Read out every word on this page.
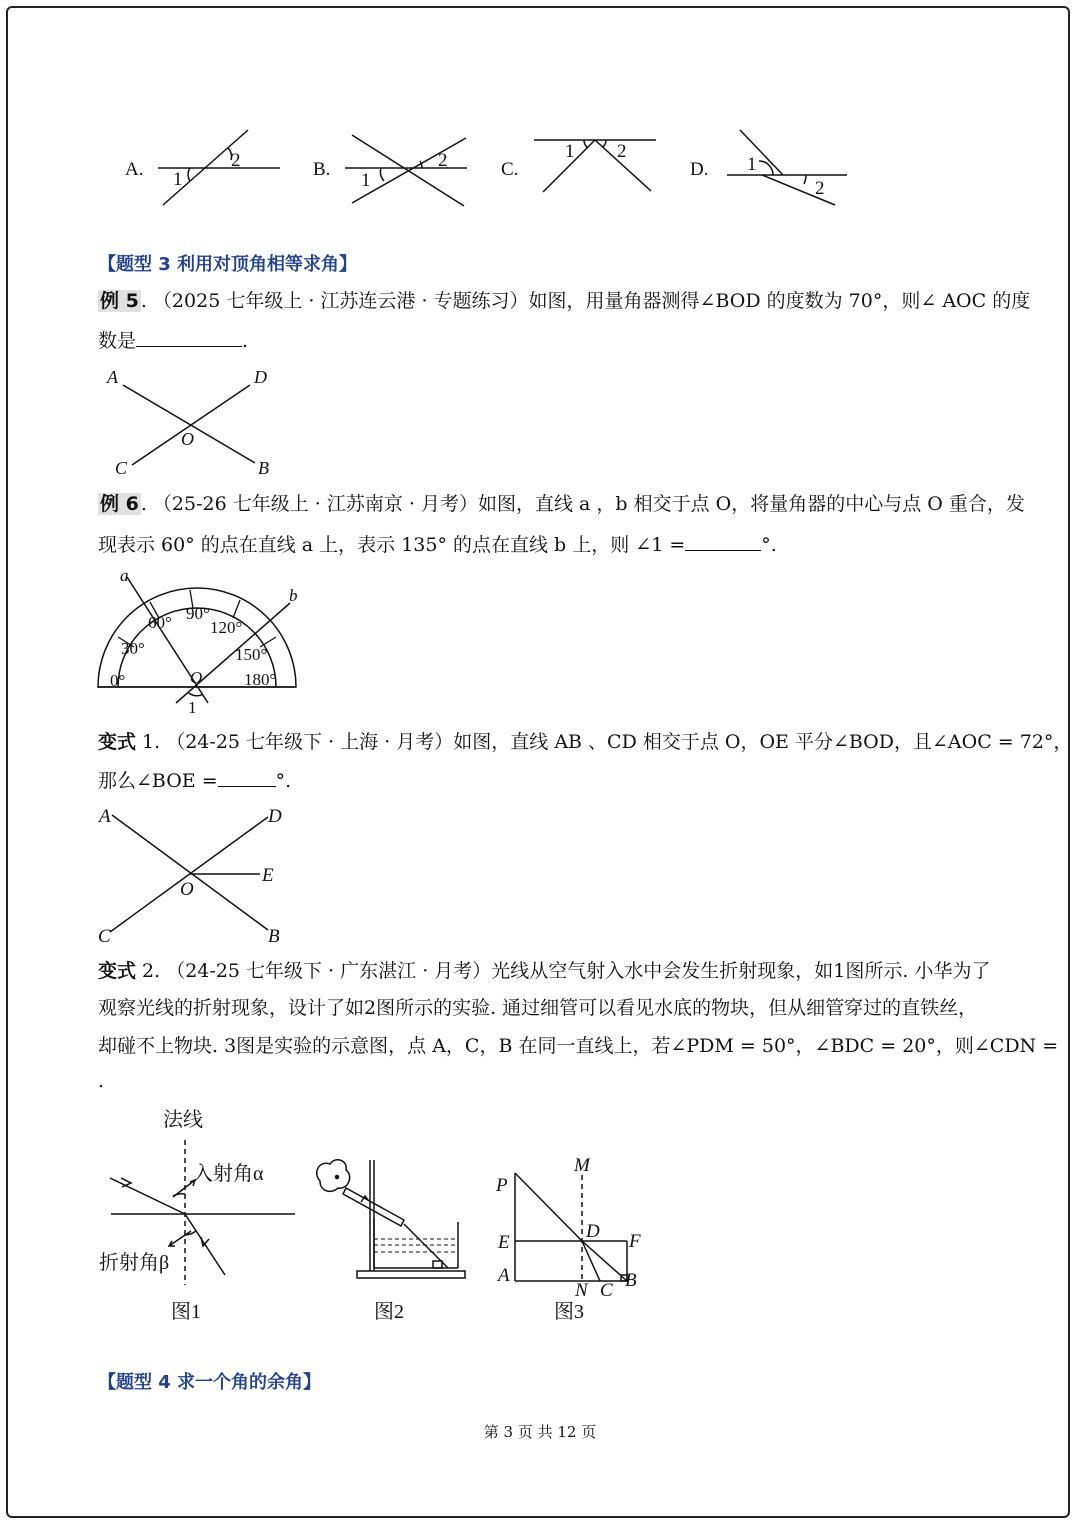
A. 1
2	B.
1
2	C.
1 2
D. 1
2
【题型 3 利用对顶角相等求角】
例 5 . （2025 七年级上 · 江苏连云港 · 专题练习）如图，用量角器测得∠BOD 的度数为 70°，则∠ AOC 的度
数是	.
A	D
O
C	B
例 6 . （25-26 七年级上 · 江苏南京 · 月考）如图，直线 a ，b 相交于点 O，将量角器的中心与点 O 重合，发
现表示 60° 的点在直线 a 上，表示 135° 的点在直线 b 上，则 ∠1 =	°.
a
b
0°
30°
60° 90°
120°
150°
180°
O
1
变式 1. （24-25 七年级下 · 上海 · 月考）如图，直线 AB 、CD 相交于点 O，OE 平分∠BOD，且∠AOC = 72°，
那么∠BOE =	°.
A	D
E
O
C	B
变式 2. （24-25 七年级下 · 广东湛江 · 月考）光线从空气射入水中会发生折射现象，如1图所示. 小华为了
观察光线的折射现象，设计了如2图所示的实验. 通过细管可以看见水底的物块，但从细管穿过的直铁丝，
却碰不上物块. 3图是实验的示意图，点 A，C，B 在同一直线上，若∠PDM = 50°，∠BDC = 20°，则∠CDN =
.
法线
入射角α
折射角β
图1	图2
M
P
D
E	F
A
N C B
图3
【题型 4 求一个角的余角】
第 3 页 共 12 页
